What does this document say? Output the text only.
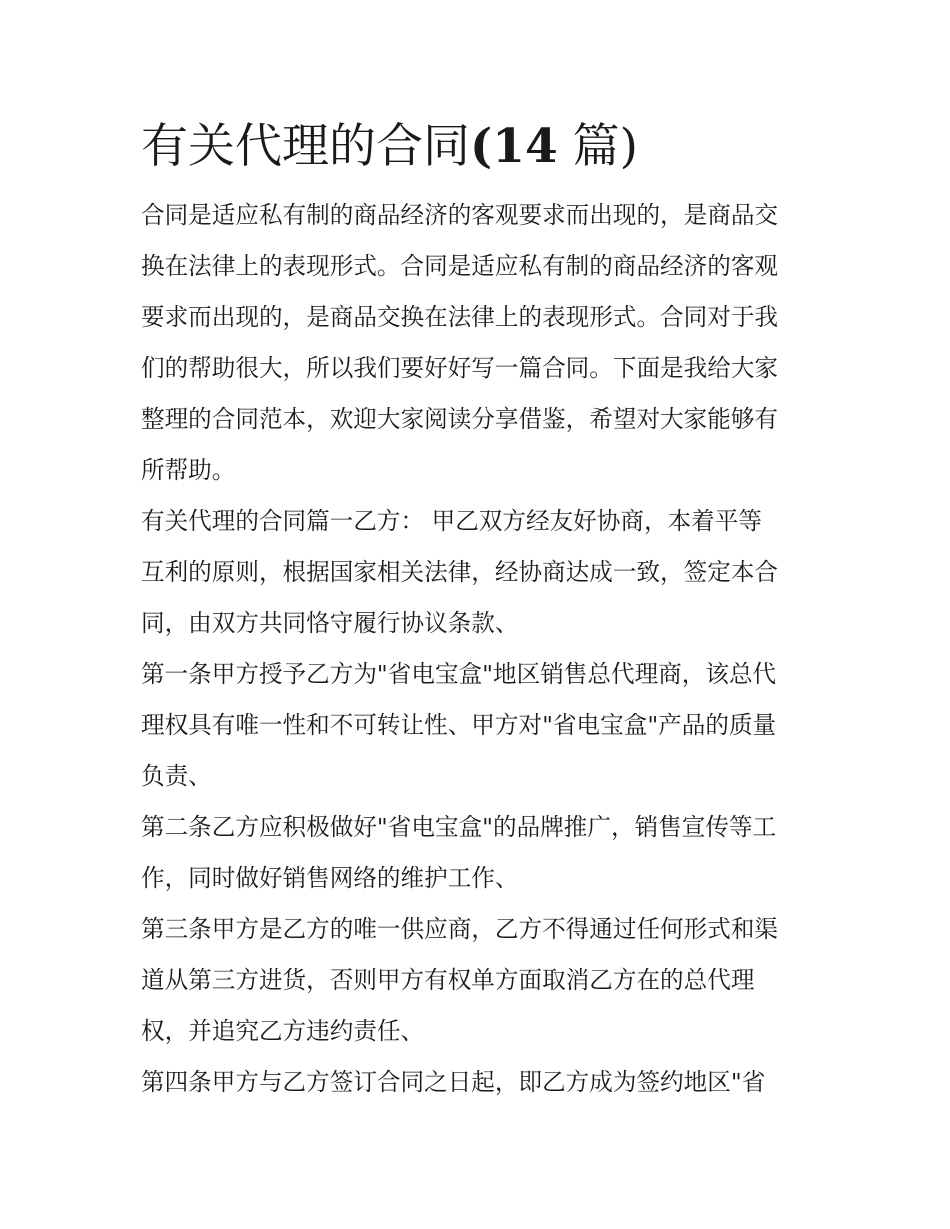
有关代理的合同(14 篇)

合同是适应私有制的商品经济的客观要求而出现的，是商品交
换在法律上的表现形式。合同是适应私有制的商品经济的客观
要求而出现的，是商品交换在法律上的表现形式。合同对于我
们的帮助很大，所以我们要好好写一篇合同。下面是我给大家
整理的合同范本，欢迎大家阅读分享借鉴，希望对大家能够有
所帮助。

有关代理的合同篇一乙方： 甲乙双方经友好协商，本着平等
互利的原则，根据国家相关法律，经协商达成一致，签定本合
同，由双方共同恪守履行协议条款、

第一条甲方授予乙方为"省电宝盒"地区销售总代理商，该总代
理权具有唯一性和不可转让性、甲方对"省电宝盒"产品的质量
负责、

第二条乙方应积极做好"省电宝盒"的品牌推广，销售宣传等工
作，同时做好销售网络的维护工作、

第三条甲方是乙方的唯一供应商，乙方不得通过任何形式和渠
道从第三方进货，否则甲方有权单方面取消乙方在的总代理
权，并追究乙方违约责任、

第四条甲方与乙方签订合同之日起，即乙方成为签约地区"省
